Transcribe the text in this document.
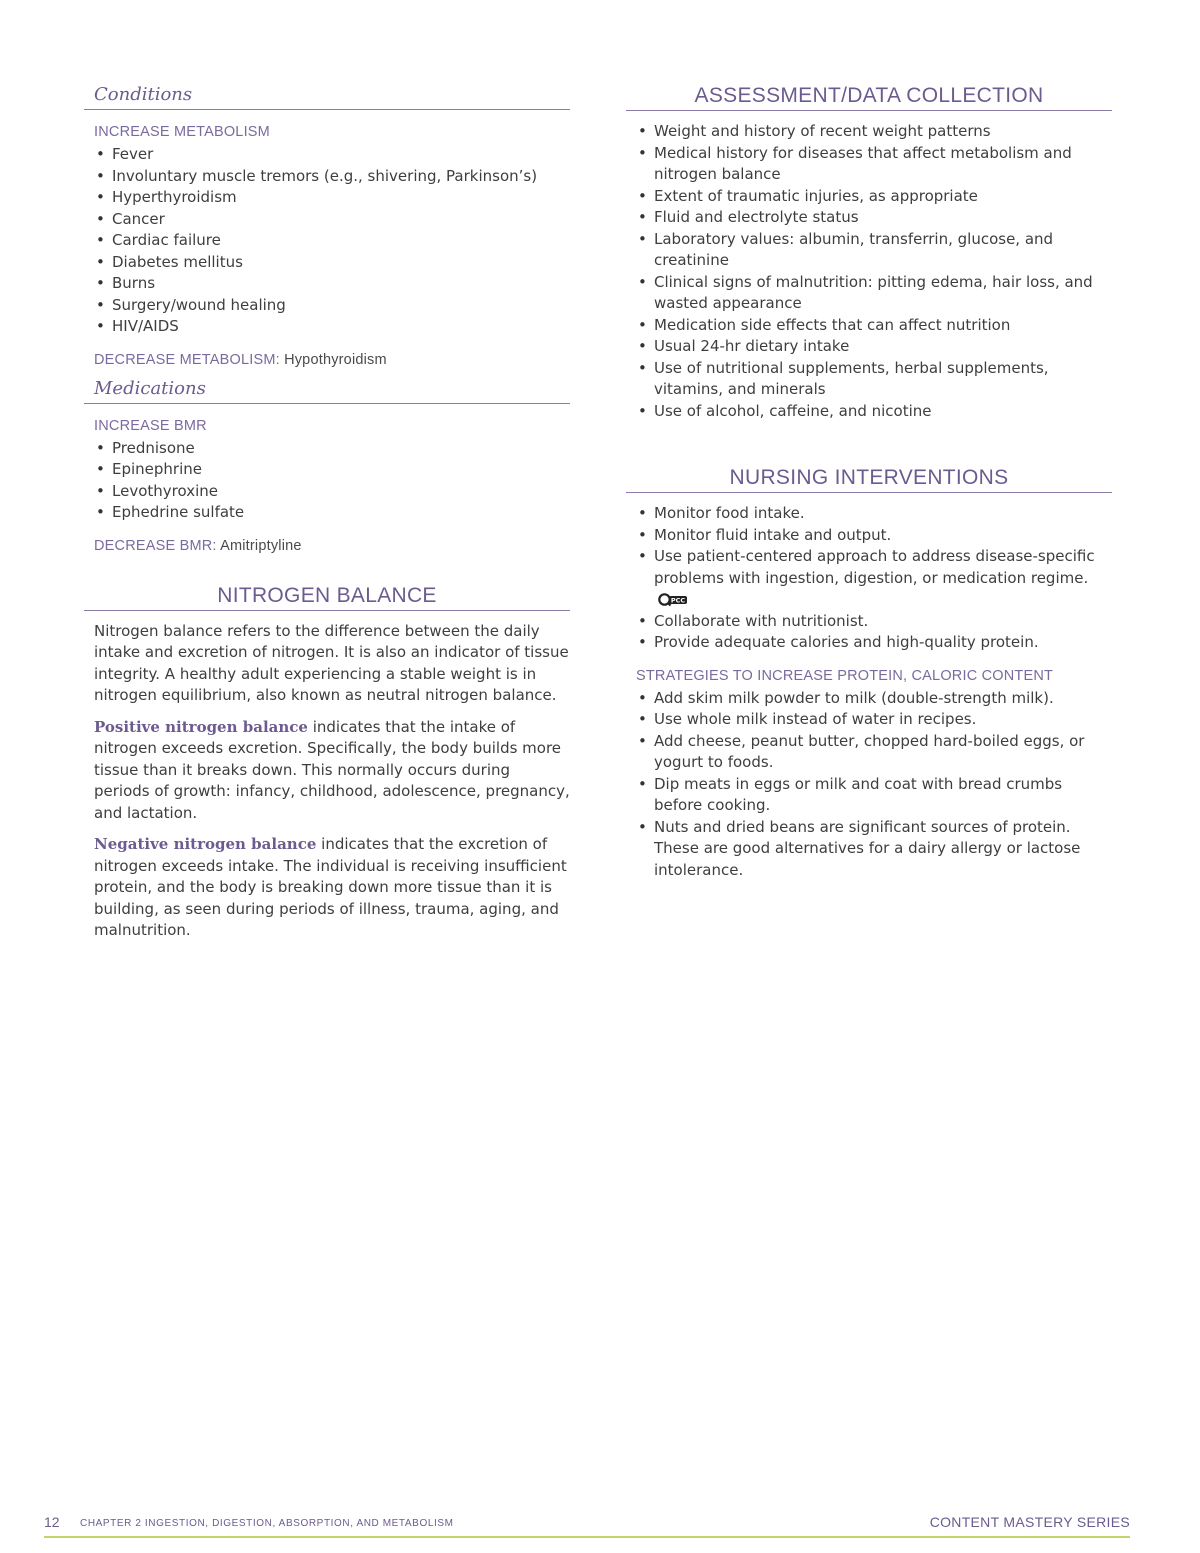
Conditions
INCREASE METABOLISM
• Fever
• Involuntary muscle tremors (e.g., shivering, Parkinson’s)
• Hyperthyroidism
• Cancer
• Cardiac failure
• Diabetes mellitus
• Burns
• Surgery/wound healing
• HIV/AIDS
DECREASE METABOLISM: Hypothyroidism
Medications
INCREASE BMR
• Prednisone
• Epinephrine
• Levothyroxine
• Ephedrine sulfate
DECREASE BMR: Amitriptyline
NITROGEN BALANCE

Nitrogen balance refers to the difference between the daily intake and excretion of nitrogen. It is also an indicator of tissue integrity. A healthy adult experiencing a stable weight is in nitrogen equilibrium, also known as neutral nitrogen balance.

Positive nitrogen balance indicates that the intake of nitrogen exceeds excretion. Specifically, the body builds more tissue than it breaks down. This normally occurs during periods of growth: infancy, childhood, adolescence, pregnancy, and lactation.

Negative nitrogen balance indicates that the excretion of nitrogen exceeds intake. The individual is receiving insufficient protein, and the body is breaking down more tissue than it is building, as seen during periods of illness, trauma, aging, and malnutrition.

ASSESSMENT/DATA COLLECTION
• Weight and history of recent weight patterns
• Medical history for diseases that affect metabolism and nitrogen balance
• Extent of traumatic injuries, as appropriate
• Fluid and electrolyte status
• Laboratory values: albumin, transferrin, glucose, and creatinine
• Clinical signs of malnutrition: pitting edema, hair loss, and wasted appearance
• Medication side effects that can affect nutrition
• Usual 24-hr dietary intake
• Use of nutritional supplements, herbal supplements, vitamins, and minerals
• Use of alcohol, caffeine, and nicotine
NURSING INTERVENTIONS
• Monitor food intake.
• Monitor fluid intake and output.
• Use patient-centered approach to address disease-specific problems with ingestion, digestion, or medication regime.
PCC
• Collaborate with nutritionist.
• Provide adequate calories and high-quality protein.
STRATEGIES TO INCREASE PROTEIN, CALORIC CONTENT
• Add skim milk powder to milk (double-strength milk).
• Use whole milk instead of water in recipes.
• Add cheese, peanut butter, chopped hard-boiled eggs, or yogurt to foods.
• Dip meats in eggs or milk and coat with bread crumbs before cooking.
• Nuts and dried beans are significant sources of protein. These are good alternatives for a dairy allergy or lactose intolerance.
12 CHAPTER 2 INGESTION, DIGESTION, ABSORPTION, AND METABOLISM	CONTENT MASTERY SERIES
